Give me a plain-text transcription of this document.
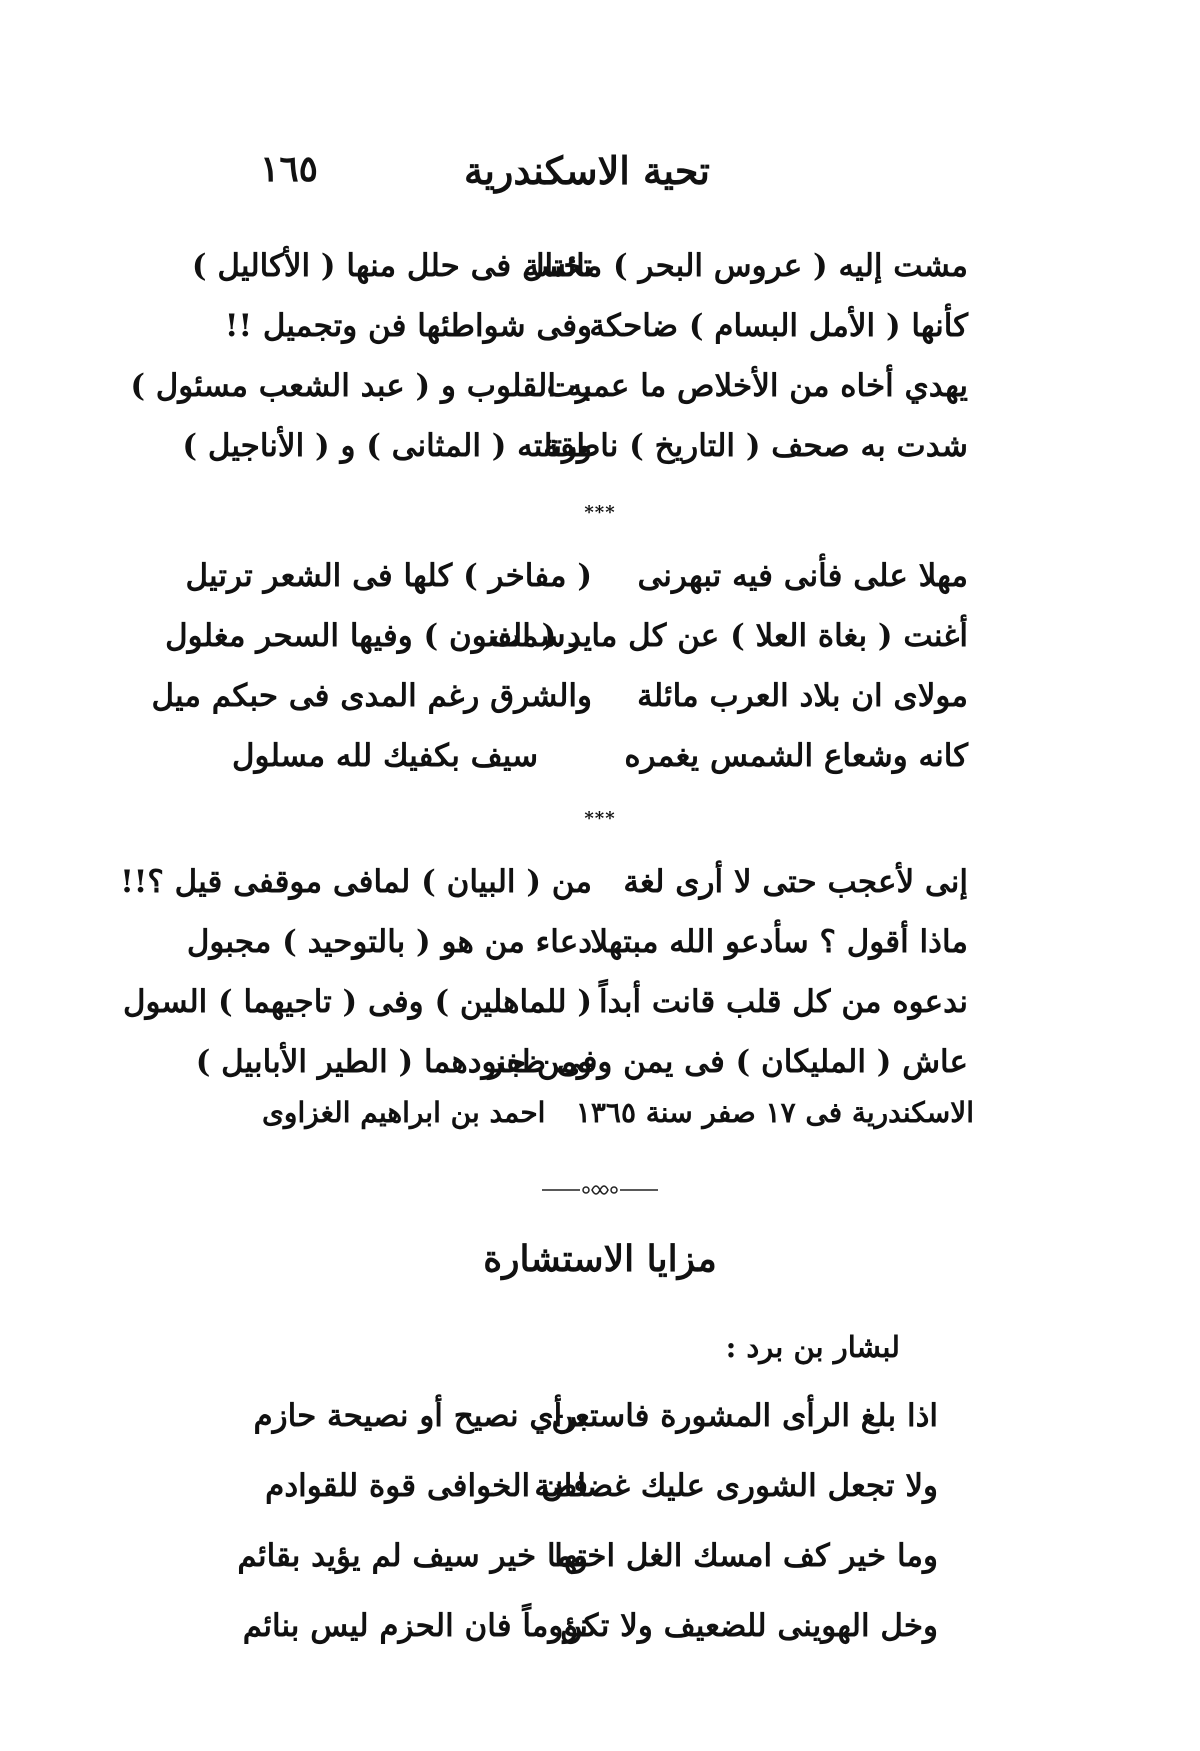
تحية الاسكندرية
١٦٥
مشت إليه ( عروس البحر ) مائسة
تختال فى حلل منها ( الأكاليل )
كأنها ( الأمل البسام ) ضاحكة
وفى شواطئها فن وتجميل !!
يهدي أخاه من الأخلاص ما عمرت
به القلوب و ( عبد الشعب مسئول )
شدت به صحف ( التاريخ ) ناطقة
ورتلته ( المثانى ) و ( الأناجيل )
***
مهلا على فأنى فيه تبهرنى
( مفاخر ) كلها فى الشعر ترتيل
أغنت ( بغاة العلا ) عن كل ما رسمت
يد ( الفنون ) وفيها السحر مغلول
مولاى ان بلاد العرب مائلة
والشرق رغم المدى فى حبكم ميل
كانه وشعاع الشمس يغمره
سيف بكفيك لله مسلول
***
إنى لأعجب حتى لا أرى لغة
من ( البيان ) لمافى موقفى قيل ؟!!
ماذا أقول ؟ سأدعو الله مبتهلا
دعاء من هو ( بالتوحيد ) مجبول
ندعوه من كل قلب قانت أبداً
( للماهلين ) وفى ( تاجيهما ) السول
عاش ( المليكان ) فى يمن وفى ظفر
ومن جنودهما ( الطير الأبابيل )
الاسكندرية فى ١٧ صفر سنة ١٣٦٥
احمد بن ابراهيم الغزاوى
مزايا الاستشارة
لبشار بن برد :
اذا بلغ الرأى المشورة فاستعن
برأي نصيح أو نصيحة حازم
ولا تجعل الشورى عليك غضاضة
فان الخوافى قوة للقوادم
وما خير كف امسك الغل اختها
وما خير سيف لم يؤيد بقائم
وخل الهوينى للضعيف ولا تكن
نؤوماً فان الحزم ليس بنائم
